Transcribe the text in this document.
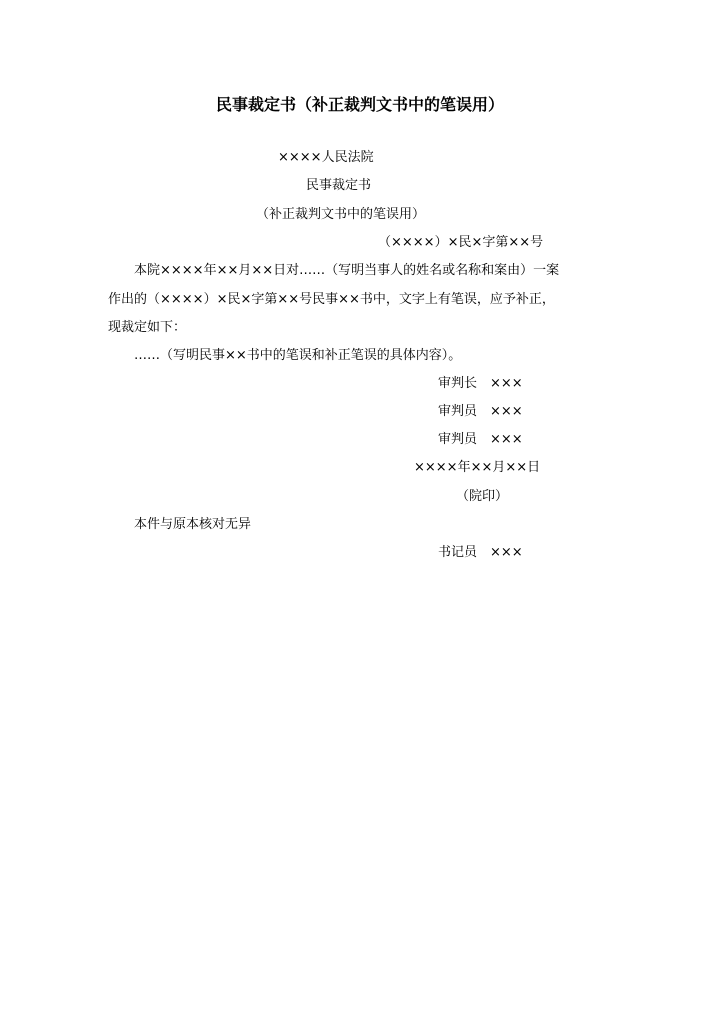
民事裁定书（补正裁判文书中的笔误用）
××××人民法院
民事裁定书
（补正裁判文书中的笔误用）
（××××）×民×字第××号
本院××××年××月××日对……（写明当事人的姓名或名称和案由）一案
作出的（××××）×民×字第××号民事××书中，文字上有笔误，应予补正，
现裁定如下：
……（写明民事××书中的笔误和补正笔误的具体内容）。
审判长 ×××
审判员 ×××
审判员 ×××
××××年××月××日
（院印）
本件与原本核对无异
书记员 ×××
